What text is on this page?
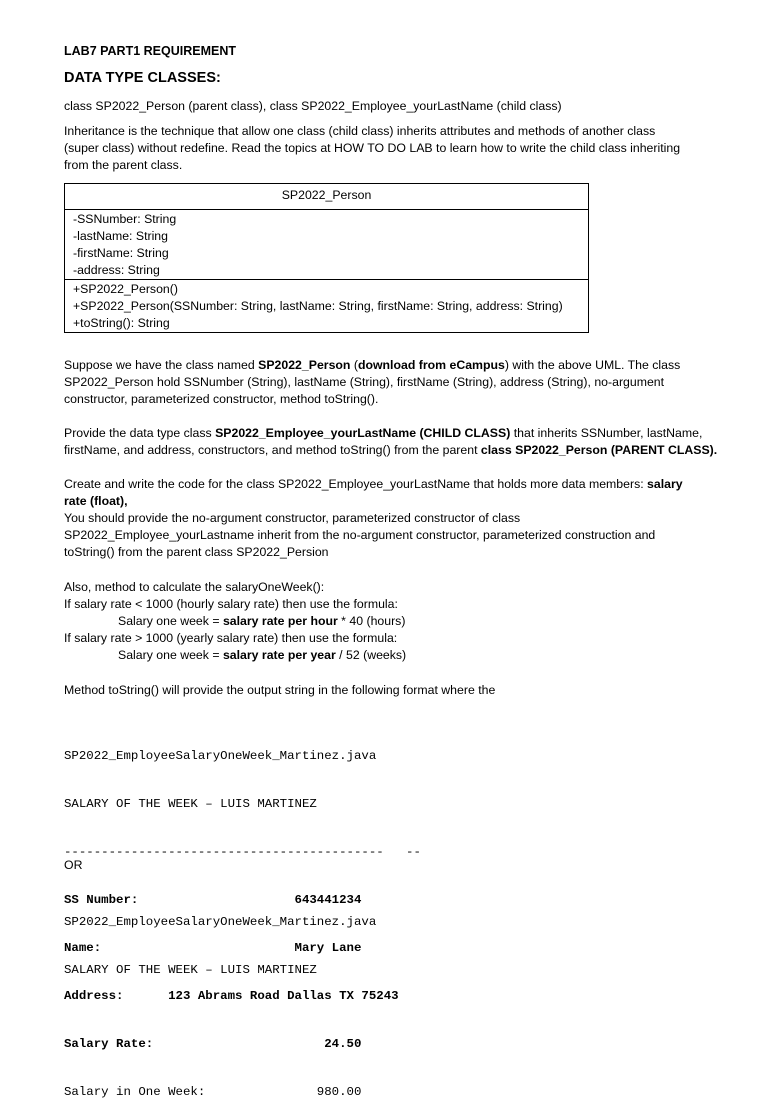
LAB7 PART1 REQUIREMENT
DATA TYPE CLASSES:
class SP2022_Person (parent class), class SP2022_Employee_yourLastName (child class)
Inheritance is the technique that allow one class (child class) inherits attributes and methods of another class
(super class) without redefine. Read the topics at HOW TO DO LAB to learn how to write the child class inheriting
from the parent class.
SP2022_Person
-SSNumber: String
-lastName: String
-firstName: String
-address: String
+SP2022_Person()
+SP2022_Person(SSNumber: String, lastName: String, firstName: String, address: String)
+toString(): String
Suppose we have the class named SP2022_Person (download from eCampus) with the above UML. The class
SP2022_Person hold SSNumber (String), lastName (String), firstName (String), address (String), no-argument
constructor, parameterized constructor, method toString().
Provide the data type class SP2022_Employee_yourLastName (CHILD CLASS) that inherits SSNumber, lastName,
firstName, and address, constructors, and method toString() from the parent class SP2022_Person (PARENT CLASS).
Create and write the code for the class SP2022_Employee_yourLastName that holds more data members: salary
rate (float),
You should provide the no-argument constructor, parameterized constructor of class
SP2022_Employee_yourLastname inherit from the no-argument constructor, parameterized construction and
toString() from the parent class SP2022_Persion
Also, method to calculate the salaryOneWeek():
If salary rate < 1000 (hourly salary rate) then use the formula:
Salary one week = salary rate per hour * 40 (hours)
If salary rate > 1000 (yearly salary rate) then use the formula:
Salary one week = salary rate per year / 52 (weeks)
Method toString() will provide the output string in the following format where the

SP2022_EmployeeSalaryOneWeek_Martinez.java

SALARY OF THE WEEK – LUIS MARTINEZ

-------------------------------------------   --

SS Number:                     643441234

Name:                          Mary Lane

Address:      123 Abrams Road Dallas TX 75243

Salary Rate:                       24.50

Salary in One Week:               980.00

OR

SP2022_EmployeeSalaryOneWeek_Martinez.java

SALARY OF THE WEEK – LUIS MARTINEZ
